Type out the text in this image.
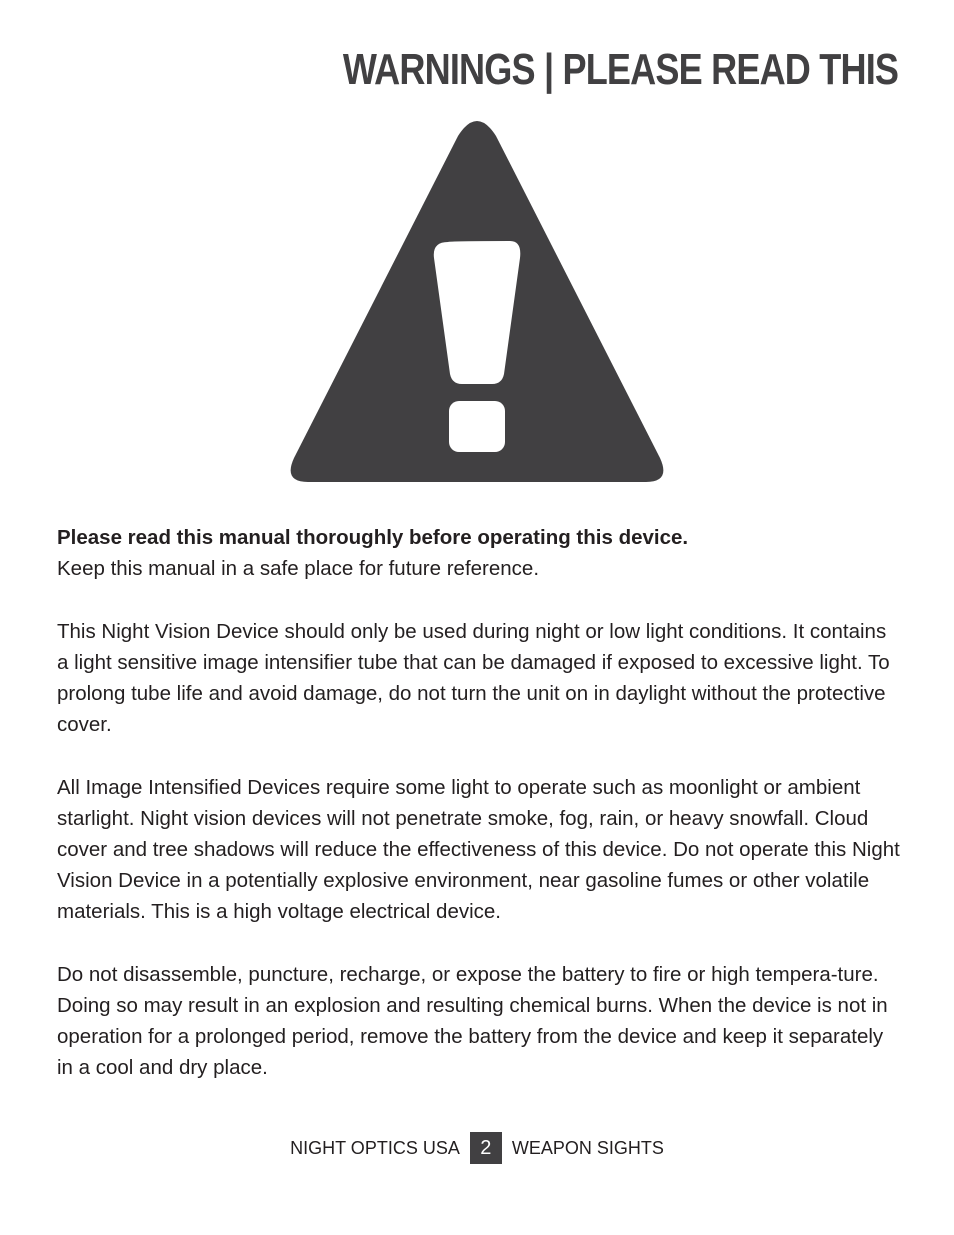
WARNINGS | PLEASE READ THIS

Please read this manual thoroughly before operating this device.

Keep this manual in a safe place for future reference.

This Night Vision Device should only be used during night or low light conditions. It contains a light sensitive image intensifier tube that can be damaged if exposed to excessive light. To prolong tube life and avoid damage, do not turn the unit on in daylight without the protective cover.

All Image Intensified Devices require some light to operate such as moonlight or ambient starlight. Night vision devices will not penetrate smoke, fog, rain, or heavy snowfall. Cloud cover and tree shadows will reduce the effectiveness of this device. Do not operate this Night Vision Device in a potentially explosive environment, near gasoline fumes or other volatile materials. This is a high voltage electrical device.

Do not disassemble, puncture, recharge, or expose the battery to fire or high tempera-ture. Doing so may result in an explosion and resulting chemical burns. When the device is not in operation for a prolonged period, remove the battery from the device and keep it separately in a cool and dry place.

NIGHT OPTICS USA	2	WEAPON SIGHTS
